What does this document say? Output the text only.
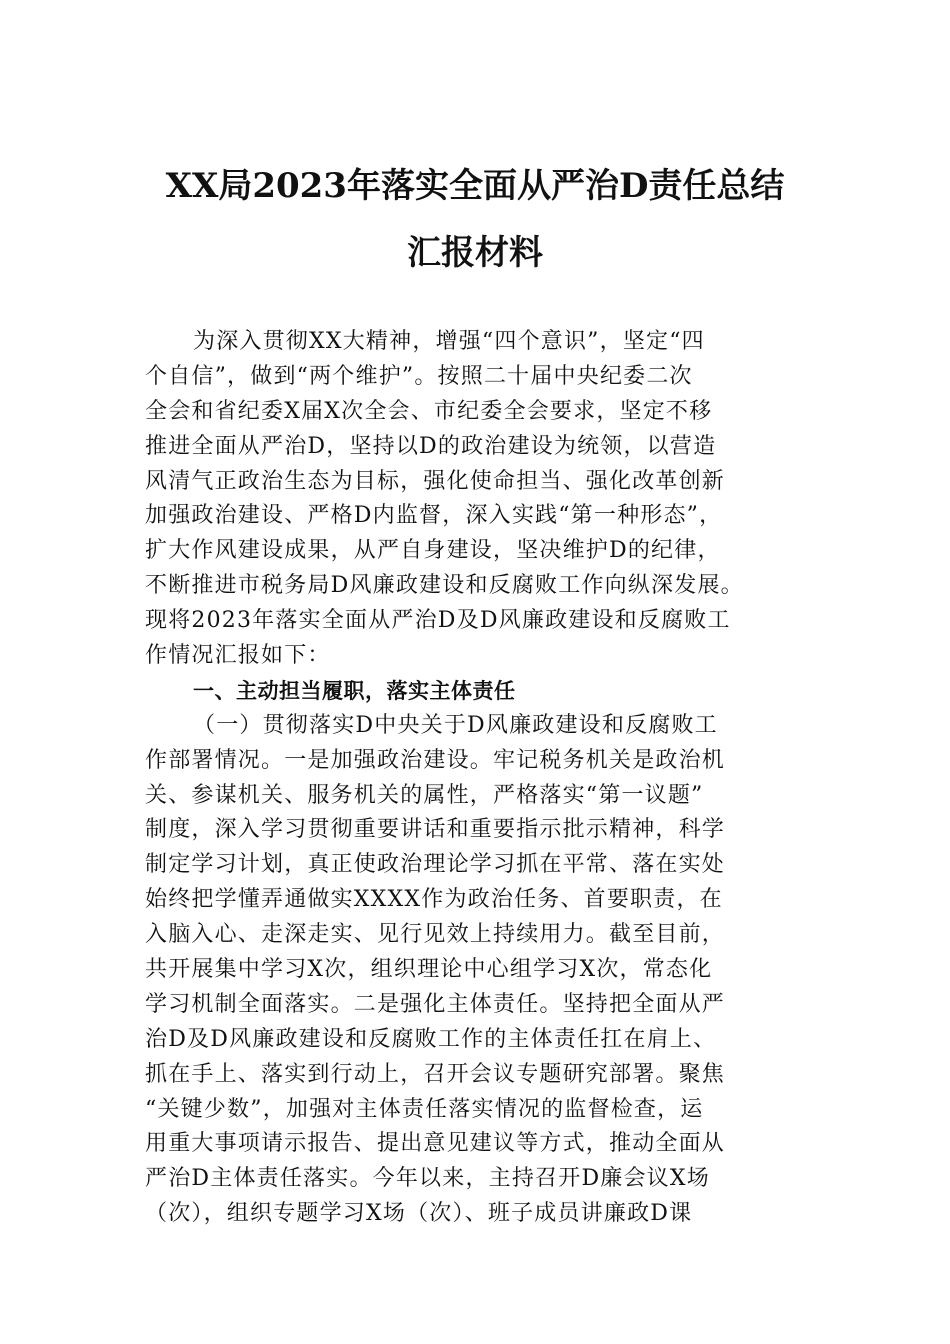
XX局2023年落实全面从严治D责任总结
汇报材料
为深入贯彻XX大精神，增强“四个意识”，坚定“四
个自信”，做到“两个维护”。按照二十届中央纪委二次
全会和省纪委X届X次全会、市纪委全会要求，坚定不移
推进全面从严治D，坚持以D的政治建设为统领，以营造
风清气正政治生态为目标，强化使命担当、强化改革创新
加强政治建设、严格D内监督，深入实践“第一种形态”，
扩大作风建设成果，从严自身建设，坚决维护D的纪律，
不断推进市税务局D风廉政建设和反腐败工作向纵深发展。
现将2023年落实全面从严治D及D风廉政建设和反腐败工
作情况汇报如下：
一、主动担当履职，落实主体责任
（一）贯彻落实D中央关于D风廉政建设和反腐败工
作部署情况。一是加强政治建设。牢记税务机关是政治机
关、参谋机关、服务机关的属性，严格落实“第一议题”
制度，深入学习贯彻重要讲话和重要指示批示精神，科学
制定学习计划，真正使政治理论学习抓在平常、落在实处
始终把学懂弄通做实XXXX作为政治任务、首要职责，在
入脑入心、走深走实、见行见效上持续用力。截至目前，
共开展集中学习X次，组织理论中心组学习X次，常态化
学习机制全面落实。二是强化主体责任。坚持把全面从严
治D及D风廉政建设和反腐败工作的主体责任扛在肩上、
抓在手上、落实到行动上，召开会议专题研究部署。聚焦
“关键少数”，加强对主体责任落实情况的监督检查，运
用重大事项请示报告、提出意见建议等方式，推动全面从
严治D主体责任落实。今年以来，主持召开D廉会议X场
（次），组织专题学习X场（次）、班子成员讲廉政D课
